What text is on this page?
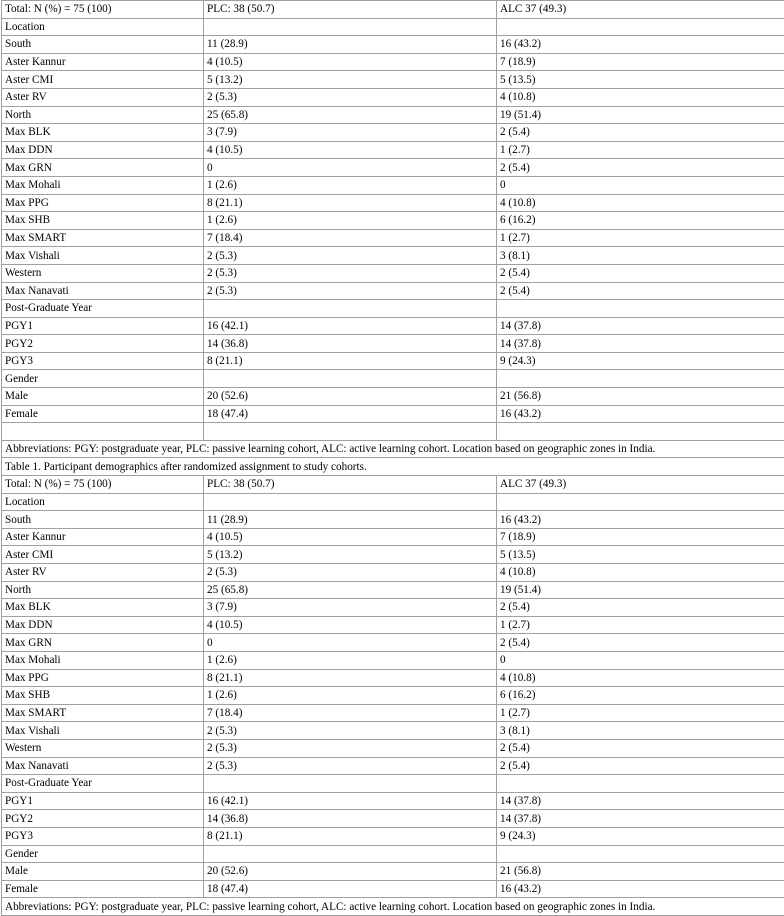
Total: N (%) = 75 (100)	PLC: 38 (50.7)	ALC 37 (49.3)
Location		
South	11 (28.9)	16 (43.2)
Aster Kannur	4 (10.5)	7 (18.9)
Aster CMI	5 (13.2)	5 (13.5)
Aster RV	2 (5.3)	4 (10.8)
North	25 (65.8)	19 (51.4)
Max BLK	3 (7.9)	2 (5.4)
Max DDN	4 (10.5)	1 (2.7)
Max GRN	0	2 (5.4)
Max Mohali	1 (2.6)	0
Max PPG	8 (21.1)	4 (10.8)
Max SHB	1 (2.6)	6 (16.2)
Max SMART	7 (18.4)	1 (2.7)
Max Vishali	2 (5.3)	3 (8.1)
Western	2 (5.3)	2 (5.4)
Max Nanavati	2 (5.3)	2 (5.4)
Post-Graduate Year		
PGY1	16 (42.1)	14 (37.8)
PGY2	14 (36.8)	14 (37.8)
PGY3	8 (21.1)	9 (24.3)
Gender		
Male	20 (52.6)	21 (56.8)
Female	18 (47.4)	16 (43.2)

Abbreviations: PGY: postgraduate year, PLC: passive learning cohort, ALC: active learning cohort. Location based on geographic zones in India.		
Table 1. Participant demographics after randomized assignment to study cohorts.		
Total: N (%) = 75 (100)	PLC: 38 (50.7)	ALC 37 (49.3)
Location		
South	11 (28.9)	16 (43.2)
Aster Kannur	4 (10.5)	7 (18.9)
Aster CMI	5 (13.2)	5 (13.5)
Aster RV	2 (5.3)	4 (10.8)
North	25 (65.8)	19 (51.4)
Max BLK	3 (7.9)	2 (5.4)
Max DDN	4 (10.5)	1 (2.7)
Max GRN	0	2 (5.4)
Max Mohali	1 (2.6)	0
Max PPG	8 (21.1)	4 (10.8)
Max SHB	1 (2.6)	6 (16.2)
Max SMART	7 (18.4)	1 (2.7)
Max Vishali	2 (5.3)	3 (8.1)
Western	2 (5.3)	2 (5.4)
Max Nanavati	2 (5.3)	2 (5.4)
Post-Graduate Year		
PGY1	16 (42.1)	14 (37.8)
PGY2	14 (36.8)	14 (37.8)
PGY3	8 (21.1)	9 (24.3)
Gender		
Male	20 (52.6)	21 (56.8)
Female	18 (47.4)	16 (43.2)
Abbreviations: PGY: postgraduate year, PLC: passive learning cohort, ALC: active learning cohort. Location based on geographic zones in India.		
